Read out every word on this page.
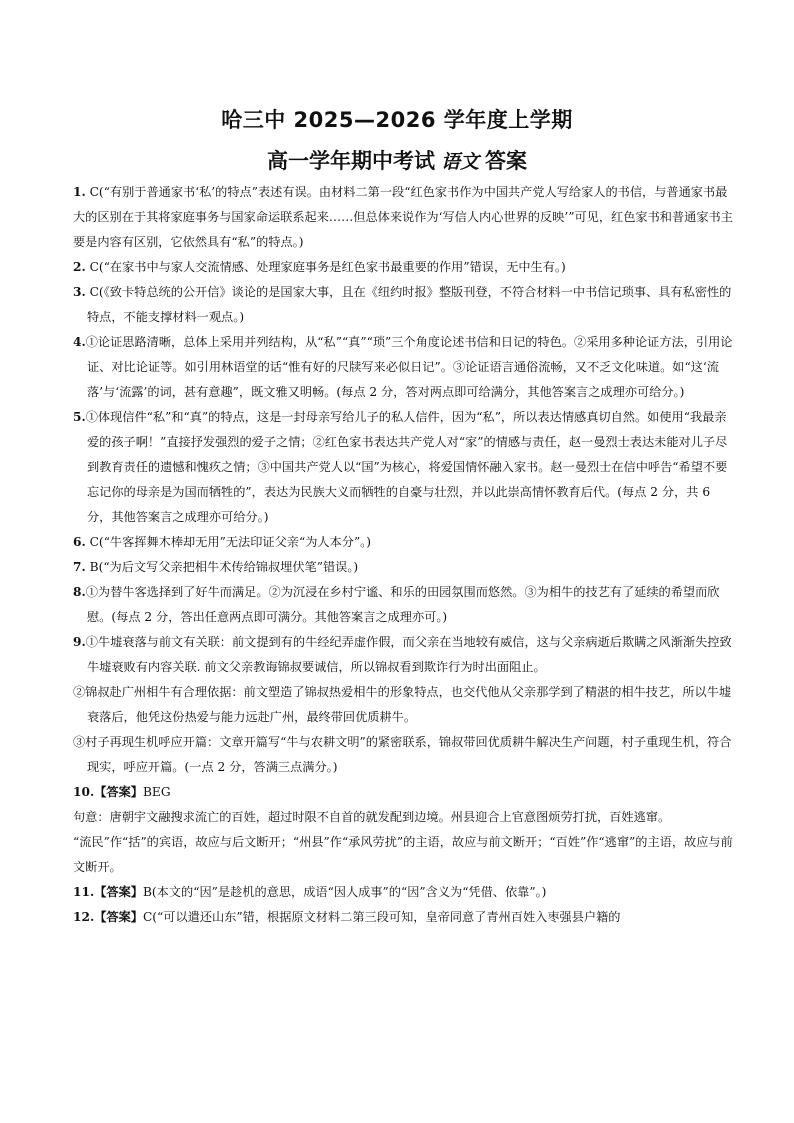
哈三中 2025—2026 学年度上学期
高一学年期中考试 语文 答案

1. C(“有别于普通家书‘私’的特点”表述有误。由材料二第一段“红色家书作为中国共产党人写给家人的书信，与普通家书最大的区别在于其将家庭事务与国家命运联系起来……但总体来说作为‘写信人内心世界的反映’”可见，红色家书和普通家书主要是内容有区别，它依然具有“私”的特点。)

2. C(“在家书中与家人交流情感、处理家庭事务是红色家书最重要的作用”错误，无中生有。)

3. C(《致卡特总统的公开信》谈论的是国家大事，且在《纽约时报》整版刊登，不符合材料一中书信记琐事、具有私密性的特点，不能支撑材料一观点。)

4.①论证思路清晰，总体上采用并列结构，从“私”“真”“琐”三个角度论述书信和日记的特色。②采用多种论证方法，引用论证、对比论证等。如引用林语堂的话“惟有好的尺牍写来必似日记”。③论证语言通俗流畅，又不乏文化味道。如“这‘流落’与‘流露’的词，甚有意趣”，既文雅又明畅。(每点 2 分，答对两点即可给满分，其他答案言之成理亦可给分。)

5.①体现信件“私”和“真”的特点，这是一封母亲写给儿子的私人信件，因为“私”，所以表达情感真切自然。如使用“我最亲爱的孩子啊！”直接抒发强烈的爱子之情；②红色家书表达共产党人对“家”的情感与责任，赵一曼烈士表达未能对儿子尽到教育责任的遗憾和愧疚之情；③中国共产党人以“国”为核心，将爱国情怀融入家书。赵一曼烈士在信中呼告“希望不要忘记你的母亲是为国而牺牲的”，表达为民族大义而牺牲的自豪与壮烈，并以此崇高情怀教育后代。(每点 2 分，共 6 分，其他答案言之成理亦可给分。)

6. C(“牛客挥舞木棒却无用”无法印证父亲“为人本分”。)

7. B(“为后文写父亲把相牛术传给锦叔埋伏笔”错误。)

8.①为替牛客选择到了好牛而满足。②为沉浸在乡村宁谧、和乐的田园氛围而悠然。③为相牛的技艺有了延续的希望而欣慰。(每点 2 分，答出任意两点即可满分。其他答案言之成理亦可。)

9.①牛墟衰落与前文有关联：前文提到有的牛经纪弄虚作假，而父亲在当地较有威信，这与父亲病逝后欺瞒之风渐渐失控致牛墟衰败有内容关联. 前文父亲教诲锦叔要诚信，所以锦叔看到欺诈行为时出面阻止。

②锦叔赴广州相牛有合理依据：前文塑造了锦叔热爱相牛的形象特点，也交代他从父亲那学到了精湛的相牛技艺，所以牛墟衰落后，他凭这份热爱与能力远赴广州，最终带回优质耕牛。

③村子再现生机呼应开篇：文章开篇写“牛与农耕文明”的紧密联系，锦叔带回优质耕牛解决生产问题，村子重现生机，符合现实，呼应开篇。(一点 2 分，答满三点满分。)

10.【答案】BEG

句意：唐朝宇文融搜求流亡的百姓，超过时限不自首的就发配到边境。州县迎合上官意图烦劳打扰，百姓逃窜。

“流民”作“括”的宾语，故应与后文断开；“州县”作“承风劳扰”的主语，故应与前文断开；“百姓”作“逃窜”的主语，故应与前文断开。

11.【答案】B(本文的“因”是趁机的意思，成语“因人成事”的“因”含义为“凭借、依靠”。)

12.【答案】C(“可以遣还山东”错，根据原文材料二第三段可知，皇帝同意了青州百姓入枣强县户籍的
